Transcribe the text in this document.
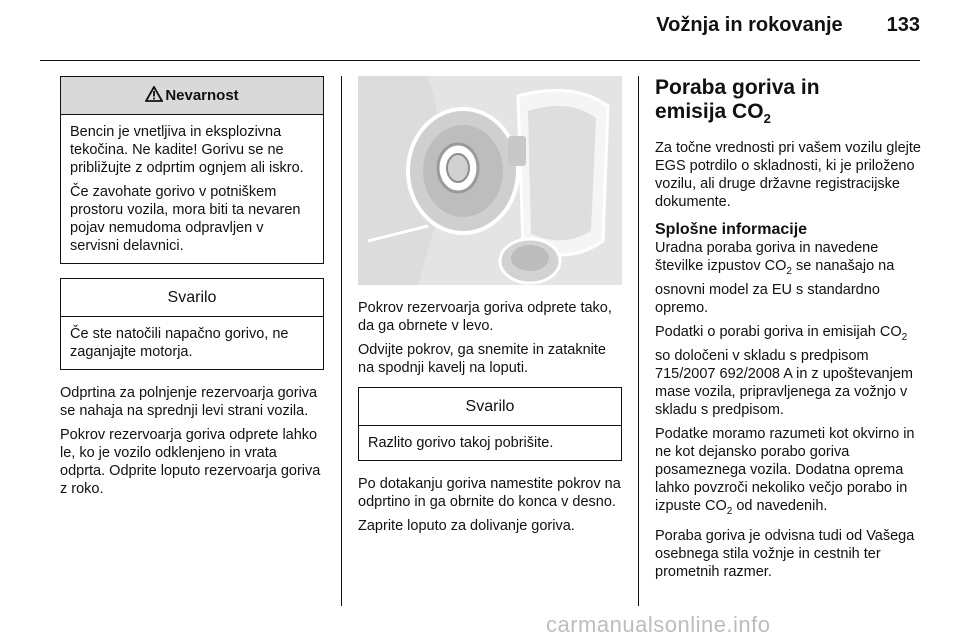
Vožnja in rokovanje 133
Nevarnost

Bencin je vnetljiva in eksplozivna tekočina. Ne kadite! Gorivu se ne približujte z odprtim ognjem ali iskro.

Če zavohate gorivo v potniškem prostoru vozila, mora biti ta nevaren pojav nemudoma odpravljen v servisni delavnici.

Svarilo

Če ste natočili napačno gorivo, ne zaganjajte motorja.

Odprtina za polnjenje rezervoarja goriva se nahaja na sprednji levi strani vozila.

Pokrov rezervoarja goriva odprete lahko le, ko je vozilo odklenjeno in vrata odprta. Odprite loputo rezervoarja goriva z roko.

Pokrov rezervoarja goriva odprete tako, da ga obrnete v levo.

Odvijte pokrov, ga snemite in zataknite na spodnji kavelj na loputi.

Svarilo

Razlito gorivo takoj pobrišite.

Po dotakanju goriva namestite pokrov na odprtino in ga obrnite do konca v desno.

Zaprite loputo za dolivanje goriva.

Poraba goriva in
emisija $CO_2$

Za točne vrednosti pri vašem vozilu glejte EGS potrdilo o skladnosti, ki je priloženo vozilu, ali druge državne registracijske dokumente.

Splošne informacije

Uradna poraba goriva in navedene številke izpustov $CO_2$ se nanašajo na osnovni model za EU s standardno opremo.

Podatki o porabi goriva in emisijah $CO_2$ so določeni v skladu s predpisom 715/2007 692/2008 A in z upoštevanjem mase vozila, pripravljenega za vožnjo v skladu s predpisom.

Podatke moramo razumeti kot okvirno in ne kot dejansko porabo goriva posameznega vozila. Dodatna oprema lahko povzroči nekoliko večjo porabo in izpuste $CO_2$ od navedenih.

Poraba goriva je odvisna tudi od Vašega osebnega stila vožnje in cestnih ter prometnih razmer.

carmanualsonline.info
